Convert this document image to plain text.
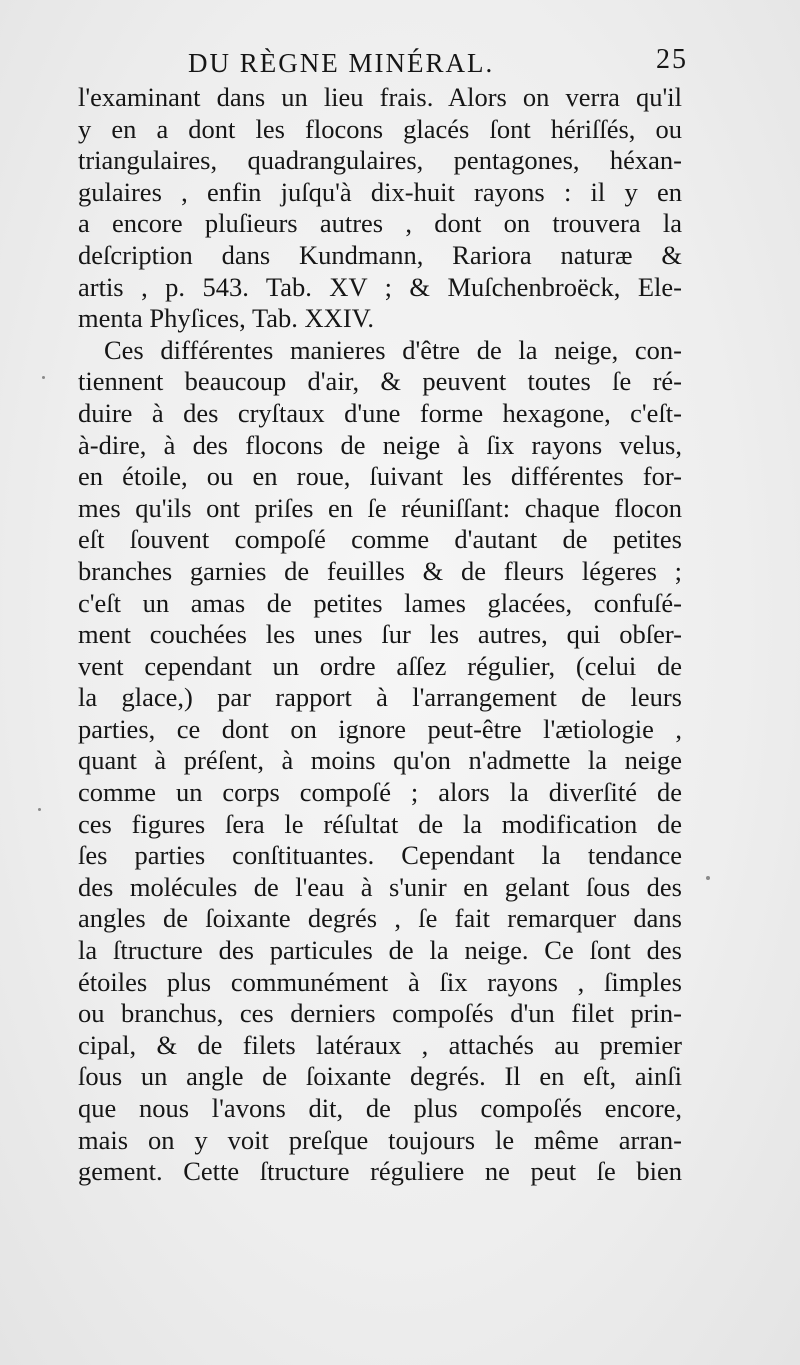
DU RÈGNE MINÉRAL.	25
l'examinant dans un lieu frais. Alors on verra qu'il
y en a dont les flocons glacés ſont hériſſés, ou
triangulaires, quadrangulaires, pentagones, héxan-
gulaires , enfin juſqu'à dix-huit rayons : il y en
a encore pluſieurs autres , dont on trouvera la
deſcription dans Kundmann, Rariora naturæ &
artis , p. 543. Tab. XV ; & Muſchenbroëck, Ele-
menta Phyſices, Tab. XXIV.
Ces différentes manieres d'être de la neige, con-
tiennent beaucoup d'air, & peuvent toutes ſe ré-
duire à des cryſtaux d'une forme hexagone, c'eſt-
à-dire, à des flocons de neige à ſix rayons velus,
en étoile, ou en roue, ſuivant les différentes for-
mes qu'ils ont priſes en ſe réuniſſant: chaque flocon
eſt ſouvent compoſé comme d'autant de petites
branches garnies de feuilles & de fleurs légeres ;
c'eſt un amas de petites lames glacées, confuſé-
ment couchées les unes ſur les autres, qui obſer-
vent cependant un ordre aſſez régulier, (celui de
la glace,) par rapport à l'arrangement de leurs
parties, ce dont on ignore peut-être l'ætiologie ,
quant à préſent, à moins qu'on n'admette la neige
comme un corps compoſé ; alors la diverſité de
ces figures ſera le réſultat de la modification de
ſes parties conſtituantes. Cependant la tendance
des molécules de l'eau à s'unir en gelant ſous des
angles de ſoixante degrés , ſe fait remarquer dans
la ſtructure des particules de la neige. Ce ſont des
étoiles plus communément à ſix rayons , ſimples
ou branchus, ces derniers compoſés d'un filet prin-
cipal, & de filets latéraux , attachés au premier
ſous un angle de ſoixante degrés. Il en eſt, ainſi
que nous l'avons dit, de plus compoſés encore,
mais on y voit preſque toujours le même arran-
gement. Cette ſtructure réguliere ne peut ſe bien
